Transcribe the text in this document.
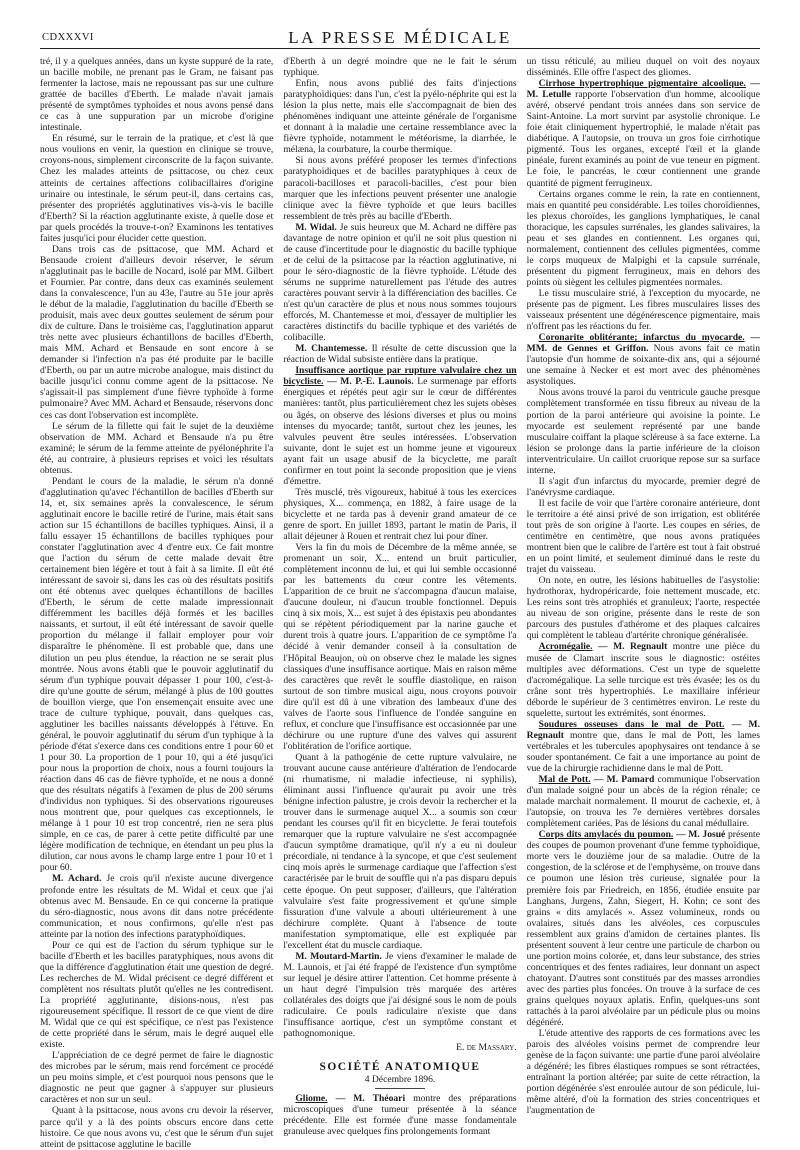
CDXXXVI	LA PRESSE MÉDICALE

tré, il y a quelques années, dans un kyste suppuré de la rate, un bacille mobile, ne prenant pas le Gram, ne faisant pas fermenter la lactose, mais ne repoussant pas sur une culture grattée de bacilles d'Eberth. Le malade n'avait jamais présenté de symptômes typhoïdes et nous avons pensé dans ce cas à une suppuration par un microbe d'origine intestinale.

En résumé, sur le terrain de la pratique, et c'est là que nous voulions en venir, la question en clinique se trouve, croyons-nous, simplement circonscrite de la façon suivante. Chez les malades atteints de psittacose, ou chez ceux atteints de certaines affections colibacillaires d'origine urinaire ou intestinale, le sérum peut-il, dans certains cas, présenter des propriétés agglutinatives vis-à-vis le bacille d'Eberth? Si la réaction agglutinante existe, à quelle dose et par quels procédés la trouve-t-on? Examinons les tentatives faites jusqu'ici pour élucider cette question.

Dans trois cas de psittacose, que MM. Achard et Bensaude croient d'ailleurs devoir réserver, le sérum n'agglutinait pas le bacille de Nocard, isolé par MM. Gilbert et Fournier. Par contre, dans deux cas examinés seulement dans la convalescence, l'un au 43e, l'autre au 51e jour après le début de la maladie, l'agglutination du bacille d'Eberth se produisit, mais avec deux gouttes seulement de sérum pour dix de culture. Dans le troisième cas, l'agglutination apparut très nette avec plusieurs échantillons de bacilles d'Eberth, mais MM. Achard et Bensaude en sont encore à se demander si l'infection n'a pas été produite par le bacille d'Eberth, ou par un autre microbe analogue, mais distinct du bacille jusqu'ici connu comme agent de la psittacose. Ne s'agissait-il pas simplement d'une fièvre typhoïde à forme pulmonaire? Avec MM. Achard et Bensaude, réservons donc ces cas dont l'observation est incomplète.

Le sérum de la fillette qui fait le sujet de la deuxième observation de MM. Achard et Bensaude n'a pu être examiné; le sérum de la femme atteinte de pyélonéphrite l'a été, au contraire, à plusieurs reprises et voici les résultats obtenus.

Pendant le cours de la maladie, le sérum n'a donné d'agglutination qu'avec l'échantillon de bacilles d'Eberth sur 14, et, six semaines après la convalescence, le sérum agglutinait encore le bacille retiré de l'urine, mais était sans action sur 15 échantillons de bacilles typhiques. Ainsi, il a fallu essayer 15 échantillons de bacilles typhiques pour constater l'agglutination avec 4 d'entre eux. Ce fait montre que l'action du sérum de cette malade devait être certainement bien légère et tout à fait à sa limite. Il eût été intéressant de savoir si, dans les cas où des résultats positifs ont été obtenus avec quelques échantillons de bacilles d'Eberth, le sérum de cette malade impressionnait différemment les bacilles déjà formés et les bacilles naissants, et surtout, il eût été intéressant de savoir quelle proportion du mélange il fallait employer pour voir disparaître le phénomène. Il est probable que, dans une dilution un peu plus étendue, la réaction ne se serait plus montrée. Nous avons établi que le pouvoir agglutinatif du sérum d'un typhique pouvait dépasser 1 pour 100, c'est-à-dire qu'une goutte de sérum, mélangé à plus de 100 gouttes de bouillon vierge, que l'on ensemençait ensuite avec une trace de culture typhique, pouvait, dans quelques cas, agglutiner les bacilles naissants développés à l'étuve. En général, le pouvoir agglutinatif du sérum d'un typhique à la période d'état s'exerce dans ces conditions entre 1 pour 60 et 1 pour 30. La proportion de 1 pour 10, qui a été jusqu'ici pour nous la proportion de choix, nous a fourni toujours la réaction dans 46 cas de fièvre typhoïde, et ne nous a donné que des résultats négatifs à l'examen de plus de 200 sérums d'individus non typhiques. Si des observations rigoureuses nous montrent que, pour quelques cas exceptionnels, le mélange à 1 pour 10 est trop concentré, rien ne sera plus simple, en ce cas, de parer à cette petite difficulté par une légère modification de technique, en étendant un peu plus la dilution, car nous avons le champ large entre 1 pour 10 et 1 pour 60.

M. Achard. Je crois qu'il n'existe aucune divergence profonde entre les résultats de M. Widal et ceux que j'ai obtenus avec M. Bensaude. En ce qui concerne la pratique du séro-diagnostic, nous avons dit dans notre précédente communication, et nous confirmons, qu'elle n'est pas atteinte par la notion des infections paratyphoïdiques.

Pour ce qui est de l'action du sérum typhique sur le bacille d'Eberth et les bacilles paratyphiques, nous avons dit que la différence d'agglutination était une question de degré. Les recherches de M. Widal précisent ce degré différent et complètent nos résultats plutôt qu'elles ne les contredisent. La propriété agglutinante, disions-nous, n'est pas rigoureusement spécifique. Il ressort de ce que vient de dire M. Widal que ce qui est spécifique, ce n'est pas l'existence de cette propriété dans le sérum, mais le degré auquel elle existe.

L'appréciation de ce degré permet de faire le diagnostic des microbes par le sérum, mais rend forcément ce procédé un peu moins simple, et c'est pourquoi nous pensons que le diagnostic ne peut que gagner à s'appuyer sur plusieurs caractères et non sur un seul.

Quant à la psittacose, nous avons cru devoir la réserver, parce qu'il y a là des points obscurs encore dans cette histoire. Ce que nous avons vu, c'est que le sérum d'un sujet atteint de psittacose agglutine le bacille

d'Eberth à un degré moindre que ne le fait le sérum typhique.

Enfin, nous avons publié des faits d'injections paratyphoïdiques: dans l'un, c'est la pyélo-néphrite qui est la lésion la plus nette, mais elle s'accompagnait de bien des phénomènes indiquant une atteinte générale de l'organisme et donnant à la maladie une certaine ressemblance avec la fièvre typhoïde, notamment le météorisme, la diarrhée, le mélæna, la courbature, la courbe thermique.

Si nous avons préféré proposer les termes d'infections paratyphoïdiques et de bacilles paratyphiques à ceux de paracoli-bacilloses et paracoli-bacilles, c'est pour bien marquer que les infections peuvent présenter une analogie clinique avec la fièvre typhoïde et que leurs bacilles ressemblent de très près au bacille d'Eberth.

M. Widal. Je suis heureux que M. Achard ne diffère pas davantage de notre opinion et qu'il ne soit plus question ni de cause d'incertitude pour le diagnostic du bacille typhique et de celui de la psittacose par la réaction agglutinative, ni pour le séro-diagnostic de la fièvre typhoïde. L'étude des sérums ne supprime naturellement pas l'étude des autres caractères pouvant servir à la différenciation des bacilles. Ce n'est qu'un caractère de plus et nous nous sommes toujours efforcés, M. Chantemesse et moi, d'essayer de multiplier les caractères distinctifs du bacille typhique et des variétés de colibacille.

M. Chantemesse. Il résulte de cette discussion que la réaction de Widal subsiste entière dans la pratique.

Insuffisance aortique par rupture valvulaire chez un bicycliste. — M. P.-E. Launois. Le surmenage par efforts énergiques et répétés peut agir sur le cœur de différentes manières: tantôt, plus particulièrement chez les sujets obèses ou âgés, on observe des lésions diverses et plus ou moins intenses du myocarde; tantôt, surtout chez les jeunes, les valvules peuvent être seules intéressées. L'observation suivante, dont le sujet est un homme jeune et vigoureux ayant fait un usage abusif de la bicyclette, me paraît confirmer en tout point la seconde proposition que je viens d'émettre.

Très musclé, très vigoureux, habitué à tous les exercices physiques, X... commença, en 1882, à faire usage de la bicyclette et ne tarda pas à devenir grand amateur de ce genre de sport. En juillet 1893, partant le matin de Paris, il allait déjeuner à Rouen et rentrait chez lui pour dîner.

Vers la fin du mois de Décembre de la même année, se promenant un soir, X... entend un bruit particulier, complètement inconnu de lui, et qui lui semble occasionné par les battements du cœur contre les vêtements. L'apparition de ce bruit ne s'accompagna d'aucun malaise, d'aucune douleur, ni d'aucun trouble fonctionnel. Depuis cinq à six mois, X... est sujet à des épistaxis peu abondantes qui se répètent périodiquement par la narine gauche et durent trois à quatre jours. L'apparition de ce symptôme l'a décidé à venir demander conseil à la consultation de l'Hôpital Beaujon, où on observe chez le malade les signes classiques d'une insuffisance aortique. Mais en raison même des caractères que revêt le souffle diastolique, en raison surtout de son timbre musical aigu, nous croyons pouvoir dire qu'il est dû à une vibration des lambeaux d'une des valves de l'aorte sous l'influence de l'ondée sanguine en reflux, et conclure que l'insuffisance est occasionnée par une déchirure ou une rupture d'une des valves qui assurent l'oblitération de l'orifice aortique.

Quant à la pathogénie de cette rupture valvulaire, ne trouvant aucune cause antérieure d'altération de l'endocarde (ni rhumatisme, ni maladie infectieuse, ni syphilis), éliminant aussi l'influence qu'aurait pu avoir une très bénigne infection palustre, je crois devoir la rechercher et la trouver dans le surmenage auquel X... a soumis son cœur pendant les courses qu'il fit en bicyclette. Je ferai toutefois remarquer que la rupture valvulaire ne s'est accompagnée d'aucun symptôme dramatique, qu'il n'y a eu ni douleur précordiale, ni tendance à la syncope, et que c'est seulement cinq mois après le surmenage cardiaque que l'affection s'est caractérisée par le bruit de souffle qui n'a pas disparu depuis cette époque. On peut supposer, d'ailleurs, que l'altération valvulaire s'est faite progressivement et qu'une simple fissuration d'une valvule a abouti ultérieurement à une déchirure complète. Quant à l'absence de toute manifestation symptomatique, elle est expliquée par l'excellent état du muscle cardiaque.

M. Moutard-Martin. Je viens d'examiner le malade de M. Launois, et j'ai été frappé de l'existence d'un symptôme sur lequel je désire attirer l'attention. Cet homme présente à un haut degré l'impulsion très marquée des artères collatérales des doigts que j'ai désigné sous le nom de pouls radiculaire. Ce pouls radiculaire n'existe que dans l'insuffisance aortique, c'est un symptôme constant et pathognomonique.

E. de Massary.

SOCIÉTÉ ANATOMIQUE
4 Décembre 1896.

Gliome. — M. Théoari montre des préparations microscopiques d'une tumeur présentée à la séance précédente. Elle est formée d'une masse fondamentale granuleuse avec quelques fins prolongements formant

un tissu réticulé, au milieu duquel on voit des noyaux disséminés. Elle offre l'aspect des gliomes.

Cirrhose hypertrophique pigmentaire alcoolique. — M. Letulle rapporte l'observation d'un homme, alcoolique avéré, observé pendant trois années dans son service de Saint-Antoine. La mort survint par asystolie chronique. Le foie était cliniquement hypertrophié, le malade n'était pas diabétique. A l'autopsie, on trouva un gros foie cirrhotique pigmenté. Tous les organes, excepté l'œil et la glande pinéale, furent examinés au point de vue teneur en pigment. Le foie, le pancréas, le cœur contiennent une grande quantité de pigment ferrugineux.

Certains organes comme le rein, la rate en contiennent, mais en quantité peu considérable. Les toiles choroïdiennes, les plexus choroïdes, les ganglions lymphatiques, le canal thoracique, les capsules surrénales, les glandes salivaires, la peau et ses glandes en contiennent. Les organes qui, normalement, contiennent des cellules pigmentées, comme le corps muqueux de Malpighi et la capsule surrénale, présentent du pigment ferrugineux, mais en dehors des points où siègent les cellules pigmentées normales.

Le tissu musculaire strié, à l'exception du myocarde, ne présente pas de pigment. Les fibres musculaires lisses des vaisseaux présentent une dégénérescence pigmentaire, mais n'offrent pas les réactions du fer.

Coronarite oblitérante; infarctus du myocarde. — MM. de Gennes et Griffon. Nous avons fait ce matin l'autopsie d'un homme de soixante-dix ans, qui a séjourné une semaine à Necker et est mort avec des phénomènes asystoliques.

Nous avons trouvé la paroi du ventricule gauche presque complètement transformée en tissu fibreux au niveau de la portion de la paroi antérieure qui avoisine la pointe. Le myocarde est seulement représenté par une bande musculaire coiffant la plaque scléreuse à sa face externe. La lésion se prolonge dans la partie inférieure de la cloison interventriculaire. Un caillot cruorique repose sur sa surface interne.

Il s'agit d'un infarctus du myocarde, premier degré de l'anévrysme cardiaque.

Il est facile de voir que l'artère coronaire antérieure, dont le territoire a été ainsi privé de son irrigation, est oblitérée tout près de son origine à l'aorte. Les coupes en séries, de centimètre en centimètre, que nous avons pratiquées montrent bien que le calibre de l'artère est tout à fait obstrué en un point limité, et seulement diminué dans le reste du trajet du vaisseau.

On note, en outre, les lésions habituelles de l'asystolie: hydrothorax, hydropéricarde, foie nettement muscade, etc. Les reins sont très atrophiés et granuleux; l'aorte, respectée au niveau de son origine, présente dans le reste de son parcours des pustules d'athérome et des plaques calcaires qui complètent le tableau d'artérite chronique généralisée.

Acromégalie. — M. Regnault montre une pièce du musée de Clamart inscrite sous le diagnostic: ostéites multiples avec déformations. C'est un type de squelette d'acromégalique. La selle turcique est très évasée; les os du crâne sont très hypertrophiés. Le maxillaire inférieur déborde le supérieur de 3 centimètres environ. Le reste du squelette, surtout les extrémités, sont énormes.

Soudures osseuses dans le mal de Pott. — M. Regnault montre que, dans le mal de Pott, les lames vertébrales et les tubercules apophysaires ont tendance à se souder spontanément. Ce fait a une importance au point de vue de la chirurgie rachidienne dans le mal de Pott.

Mal de Pott. — M. Pamard communique l'observation d'un malade soigné pour un abcès de la région rénale; ce malade marchait normalement. Il mourut de cachexie, et, à l'autopsie, on trouva les 7e dernières vertèbres dorsales complètement cariées. Pas de lésions du canal médullaire.

Corps dits amylacés du poumon. — M. Josué présente des coupes de poumon provenant d'une femme typhoïdique, morte vers le douzième jour de sa maladie. Outre de la congestion, de la sclérose et de l'emphysème, on trouve dans ce poumon une lésion très curieuse, signalée pour la première fois par Friedreich, en 1856, étudiée ensuite par Langhans, Jurgens, Zahn, Siegert, H. Kohn; ce sont des grains « dits amylacés ». Assez volumineux, ronds ou ovalaires, situés dans les alvéoles, ces corpuscules ressemblent aux grains d'amidon de certaines plantes. Ils présentent souvent à leur centre une particule de charbon ou une portion moins colorée, et, dans leur substance, des stries concentriques et des fentes radiaires, leur donnant un aspect chatoyant. D'autres sont constitués par des masses arrondies avec des parties plus foncées. On trouve à la surface de ces grains quelques noyaux aplatis. Enfin, quelques-uns sont rattachés à la paroi alvéolaire par un pédicule plus ou moins dégénéré.

L'étude attentive des rapports de ces formations avec les parois des alvéoles voisins permet de comprendre leur genèse de la façon suivante: une partie d'une paroi alvéolaire a dégénéré; les fibres élastiques rompues se sont rétractées, entraînant la portion altérée; par suite de cette rétraction, la portion dégénérée s'est enroulée autour de son pédicule, lui-même altéré, d'où la formation des stries concentriques et l'augmentation de
